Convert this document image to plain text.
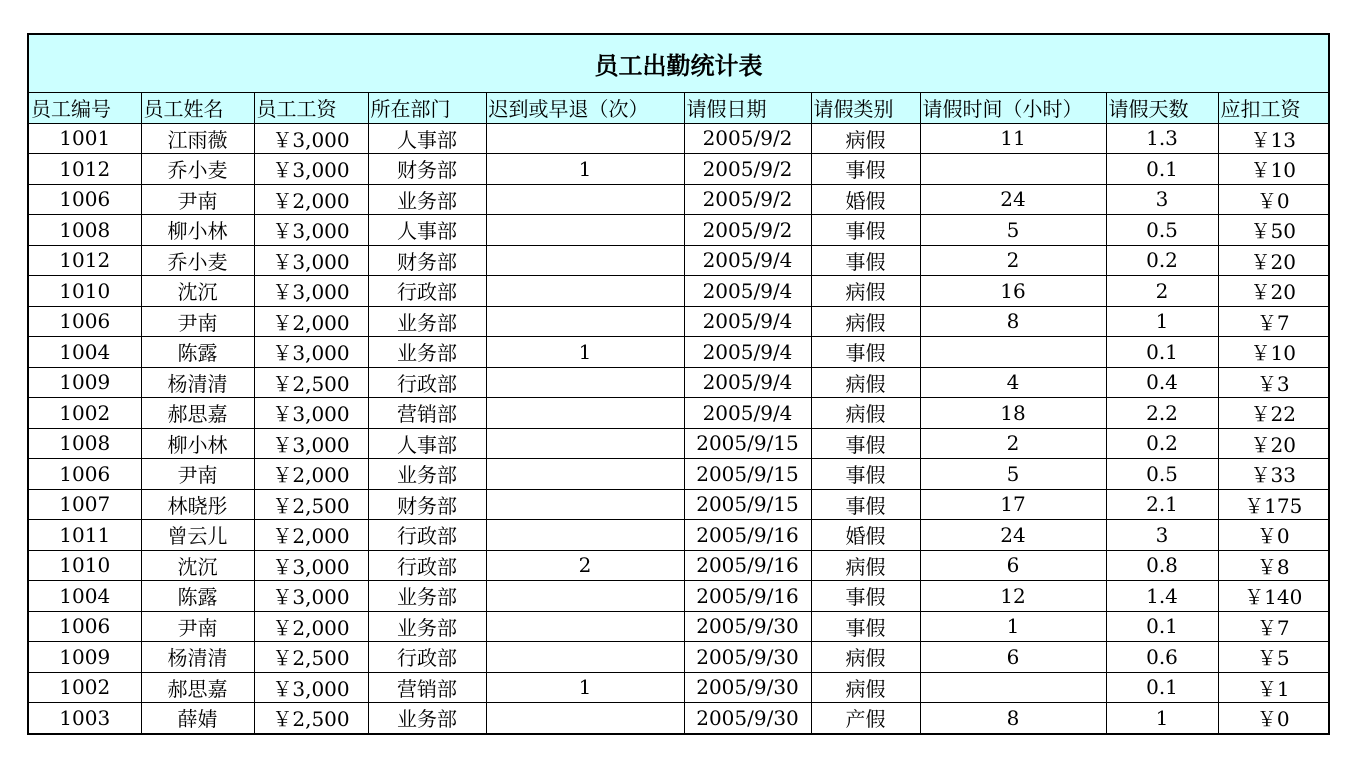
员工出勤统计表									
员工编号	员工姓名	员工工资	所在部门	迟到或早退（次）	请假日期	请假类别	请假时间（小时）	请假天数	应扣工资
1001	江雨薇	￥3,000	人事部		2005/9/2	病假	11	1.3	￥13
1012	乔小麦	￥3,000	财务部	1	2005/9/2	事假		0.1	￥10
1006	尹南	￥2,000	业务部		2005/9/2	婚假	24	3	￥0
1008	柳小林	￥3,000	人事部		2005/9/2	事假	5	0.5	￥50
1012	乔小麦	￥3,000	财务部		2005/9/4	事假	2	0.2	￥20
1010	沈沉	￥3,000	行政部		2005/9/4	病假	16	2	￥20
1006	尹南	￥2,000	业务部		2005/9/4	病假	8	1	￥7
1004	陈露	￥3,000	业务部	1	2005/9/4	事假		0.1	￥10
1009	杨清清	￥2,500	行政部		2005/9/4	病假	4	0.4	￥3
1002	郝思嘉	￥3,000	营销部		2005/9/4	病假	18	2.2	￥22
1008	柳小林	￥3,000	人事部		2005/9/15	事假	2	0.2	￥20
1006	尹南	￥2,000	业务部		2005/9/15	事假	5	0.5	￥33
1007	林晓彤	￥2,500	财务部		2005/9/15	事假	17	2.1	￥175
1011	曾云儿	￥2,000	行政部		2005/9/16	婚假	24	3	￥0
1010	沈沉	￥3,000	行政部	2	2005/9/16	病假	6	0.8	￥8
1004	陈露	￥3,000	业务部		2005/9/16	事假	12	1.4	￥140
1006	尹南	￥2,000	业务部		2005/9/30	事假	1	0.1	￥7
1009	杨清清	￥2,500	行政部		2005/9/30	病假	6	0.6	￥5
1002	郝思嘉	￥3,000	营销部	1	2005/9/30	病假		0.1	￥1
1003	薛婧	￥2,500	业务部		2005/9/30	产假	8	1	￥0
